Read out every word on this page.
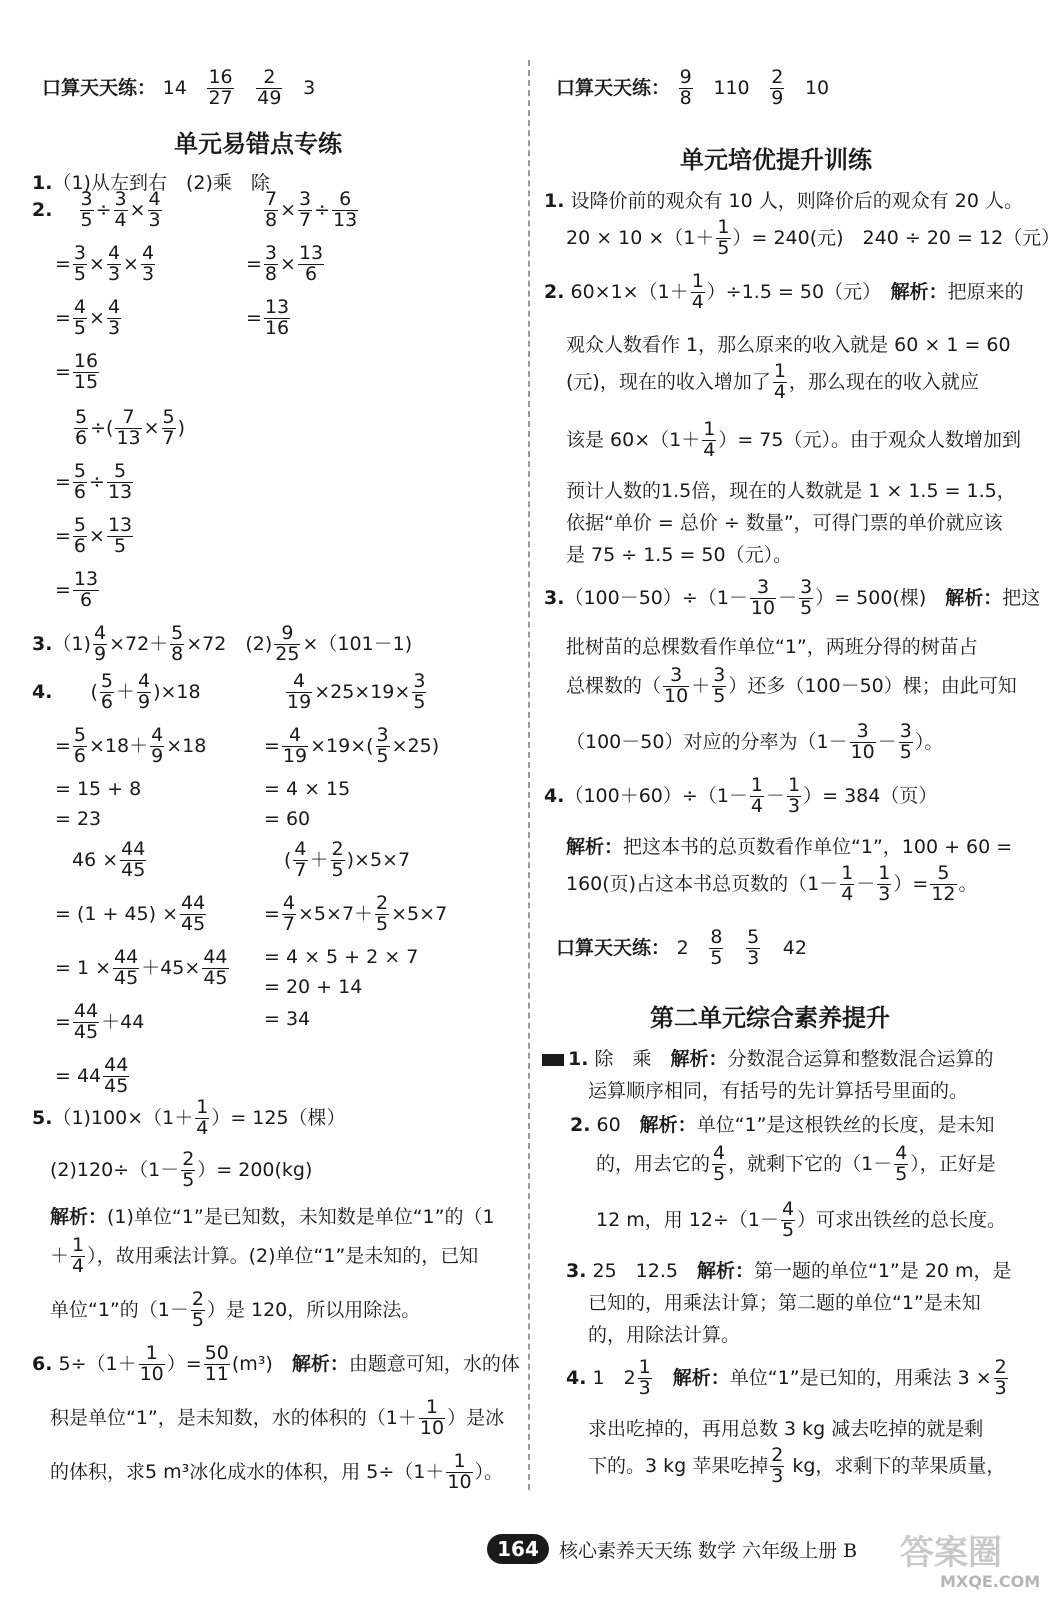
口算天天练： $14 \frac{16}{27}$
$\frac{2}{49} 3$
单元易错点专练
1.（1)从左到右　(2)乘　除
2.　 $\frac{3}{5} \div \frac{3}{4} \times \frac{4}{3}$
= $\frac{3}{5} \times \frac{4}{3} \times \frac{4}{3}$
= $\frac{4}{5} \times \frac{4}{3}$
= $\frac{16}{15}$
$\frac{7}{8} \times \frac{3}{7} \div \frac{6}{13}$
= $\frac{3}{8} \times \frac{13}{6}$
= $\frac{13}{16}$
$\frac{5}{6}$ ÷( $\frac{7}{13} \times \frac{5}{7}$ )
= $\frac{5}{6} \div \frac{5}{13}$
= $\frac{5}{6} \times \frac{13}{5}$
= $\frac{13}{6}$
$3.(1) \frac{4}{9} \times 72+ \frac{5}{8} \times 72$　$(2) \frac{9}{25} \times(101-1)$
4.　　( $\frac{5}{6} + \frac{4}{9} )\times 18$	$\frac{4}{19} \times 25\times 19\times \frac{3}{5}$
= $\frac{5}{6} \times 18+ \frac{4}{9} \times 18$	= $\frac{4}{19} \times 19\times( \frac{3}{5} \times 25)$
= 15 + 8	= 4 × 15
= 23	= 60
$46 \times \frac{44}{45}$	( $\frac{4}{7} + \frac{2}{5} )\times 5\times 7$
= $(1 + 45) \times \frac{44}{45}$	= $\frac{4}{7} \times 5\times 7+ \frac{2}{5} \times 5\times 7$
= $1 \times \frac{44}{45} +45\times \frac{44}{45} = 4 \times 5 + 2 \times 7$
= 20 + 14
= $\frac{44}{45} +44$	= 34
= $44 \frac{44}{45}$
$5.(1)100\times(1+ \frac{1}{4}$ ）= 125（棵）
$(2)120\div(1- \frac{2}{5}$ ）= 200(kg)
解析：(1)单位“1”是已知数，未知数是单位“1”的（1
＋ $\frac{1}{4}$ ），故用乘法计算。(2)单位“1”是未知的，已知
单位“1”的（$1- \frac{2}{5}$ ）是 120，所以用除法。
6. $5\div(1+ \frac{1}{10}$ ）= $\frac{50}{11} (m^3)$　解析：由题意可知，水的体
积是单位“1”，是未知数，水的体积的（$1+ \frac{1}{10}$ ）是冰
的体积，求5 m³冰化成水的体积，用 $5\div(1+ \frac{1}{10}$ ）。
口算天天练： $\frac{9}{8} 110 \frac{2}{9} 10$
单元培优提升训练
1. 设降价前的观众有 10 人，则降价后的观众有 20 人。
$20 \times 10 \times(1+ \frac{1}{5}$ ）= 240(元)　240 ÷ 20 = 12（元）
2. $60\times 1\times(1+ \frac{1}{4} )\div 1.5 = 50$（元）　解析：把原来的
观众人数看作 1，那么原来的收入就是 60 × 1 = 60
(元)，现在的收入增加了 $\frac{1}{4}$ ，那么现在的收入就应
该是 $60\times(1+ \frac{1}{4}$ ）= 75（元）。由于观众人数增加到
预计人数的1.5倍，现在的人数就是 1 × 1.5 = 1.5，
依据“单价 = 总价 ÷ 数量”，可得门票的单价就应该
是 75 ÷ 1.5 = 50（元）。
$3.(100-50)\div(1- \frac{3}{10} - \frac{3}{5}$ ）= 500(棵)　解析：把这
批树苗的总棵数看作单位“1”，两班分得的树苗占
总棵数的（ $\frac{3}{10} + \frac{3}{5}$ ）还多（100－50）棵；由此可知
（100－50）对应的分率为（$1- \frac{3}{10} - \frac{3}{5}$ ）。
$4.(100+60)\div(1- \frac{1}{4} - \frac{1}{3}$ ）= 384（页）
解析：把这本书的总页数看作单位“1”，100 + 60 =
160(页)占这本书总页数的（$1- \frac{1}{4} - \frac{1}{3}$ ）= $\frac{5}{12}$ 。
口算天天练： $2 \frac{8}{5}$
$\frac{5}{3} 42$
第二单元综合素养提升
1. 除　乘　解析：分数混合运算和整数混合运算的
运算顺序相同，有括号的先计算括号里面的。
2. 60　解析：单位“1”是这根铁丝的长度，是未知
的，用去它的 $\frac{4}{5}$ ，就剩下它的（$1- \frac{4}{5}$ ），正好是
12 m，用 $12\div(1- \frac{4}{5}$ ）可求出铁丝的总长度。
3. 25　12.5　解析：第一题的单位“1”是 20 m，是
已知的，用乘法计算；第二题的单位“1”是未知
的，用除法计算。
4. 1　$2 \frac{1}{3}$
　 解析：单位“1”是已知的，用乘法 $3 \times \frac{2}{3}$
求出吃掉的，再用总数 3 kg 减去吃掉的就是剩
下的。3 kg 苹果吃掉 $\frac{2}{3}$ kg，求剩下的苹果质量，
164	核心素养天天练 数学 六年级上册 B 答案圈
MXQE.COM
